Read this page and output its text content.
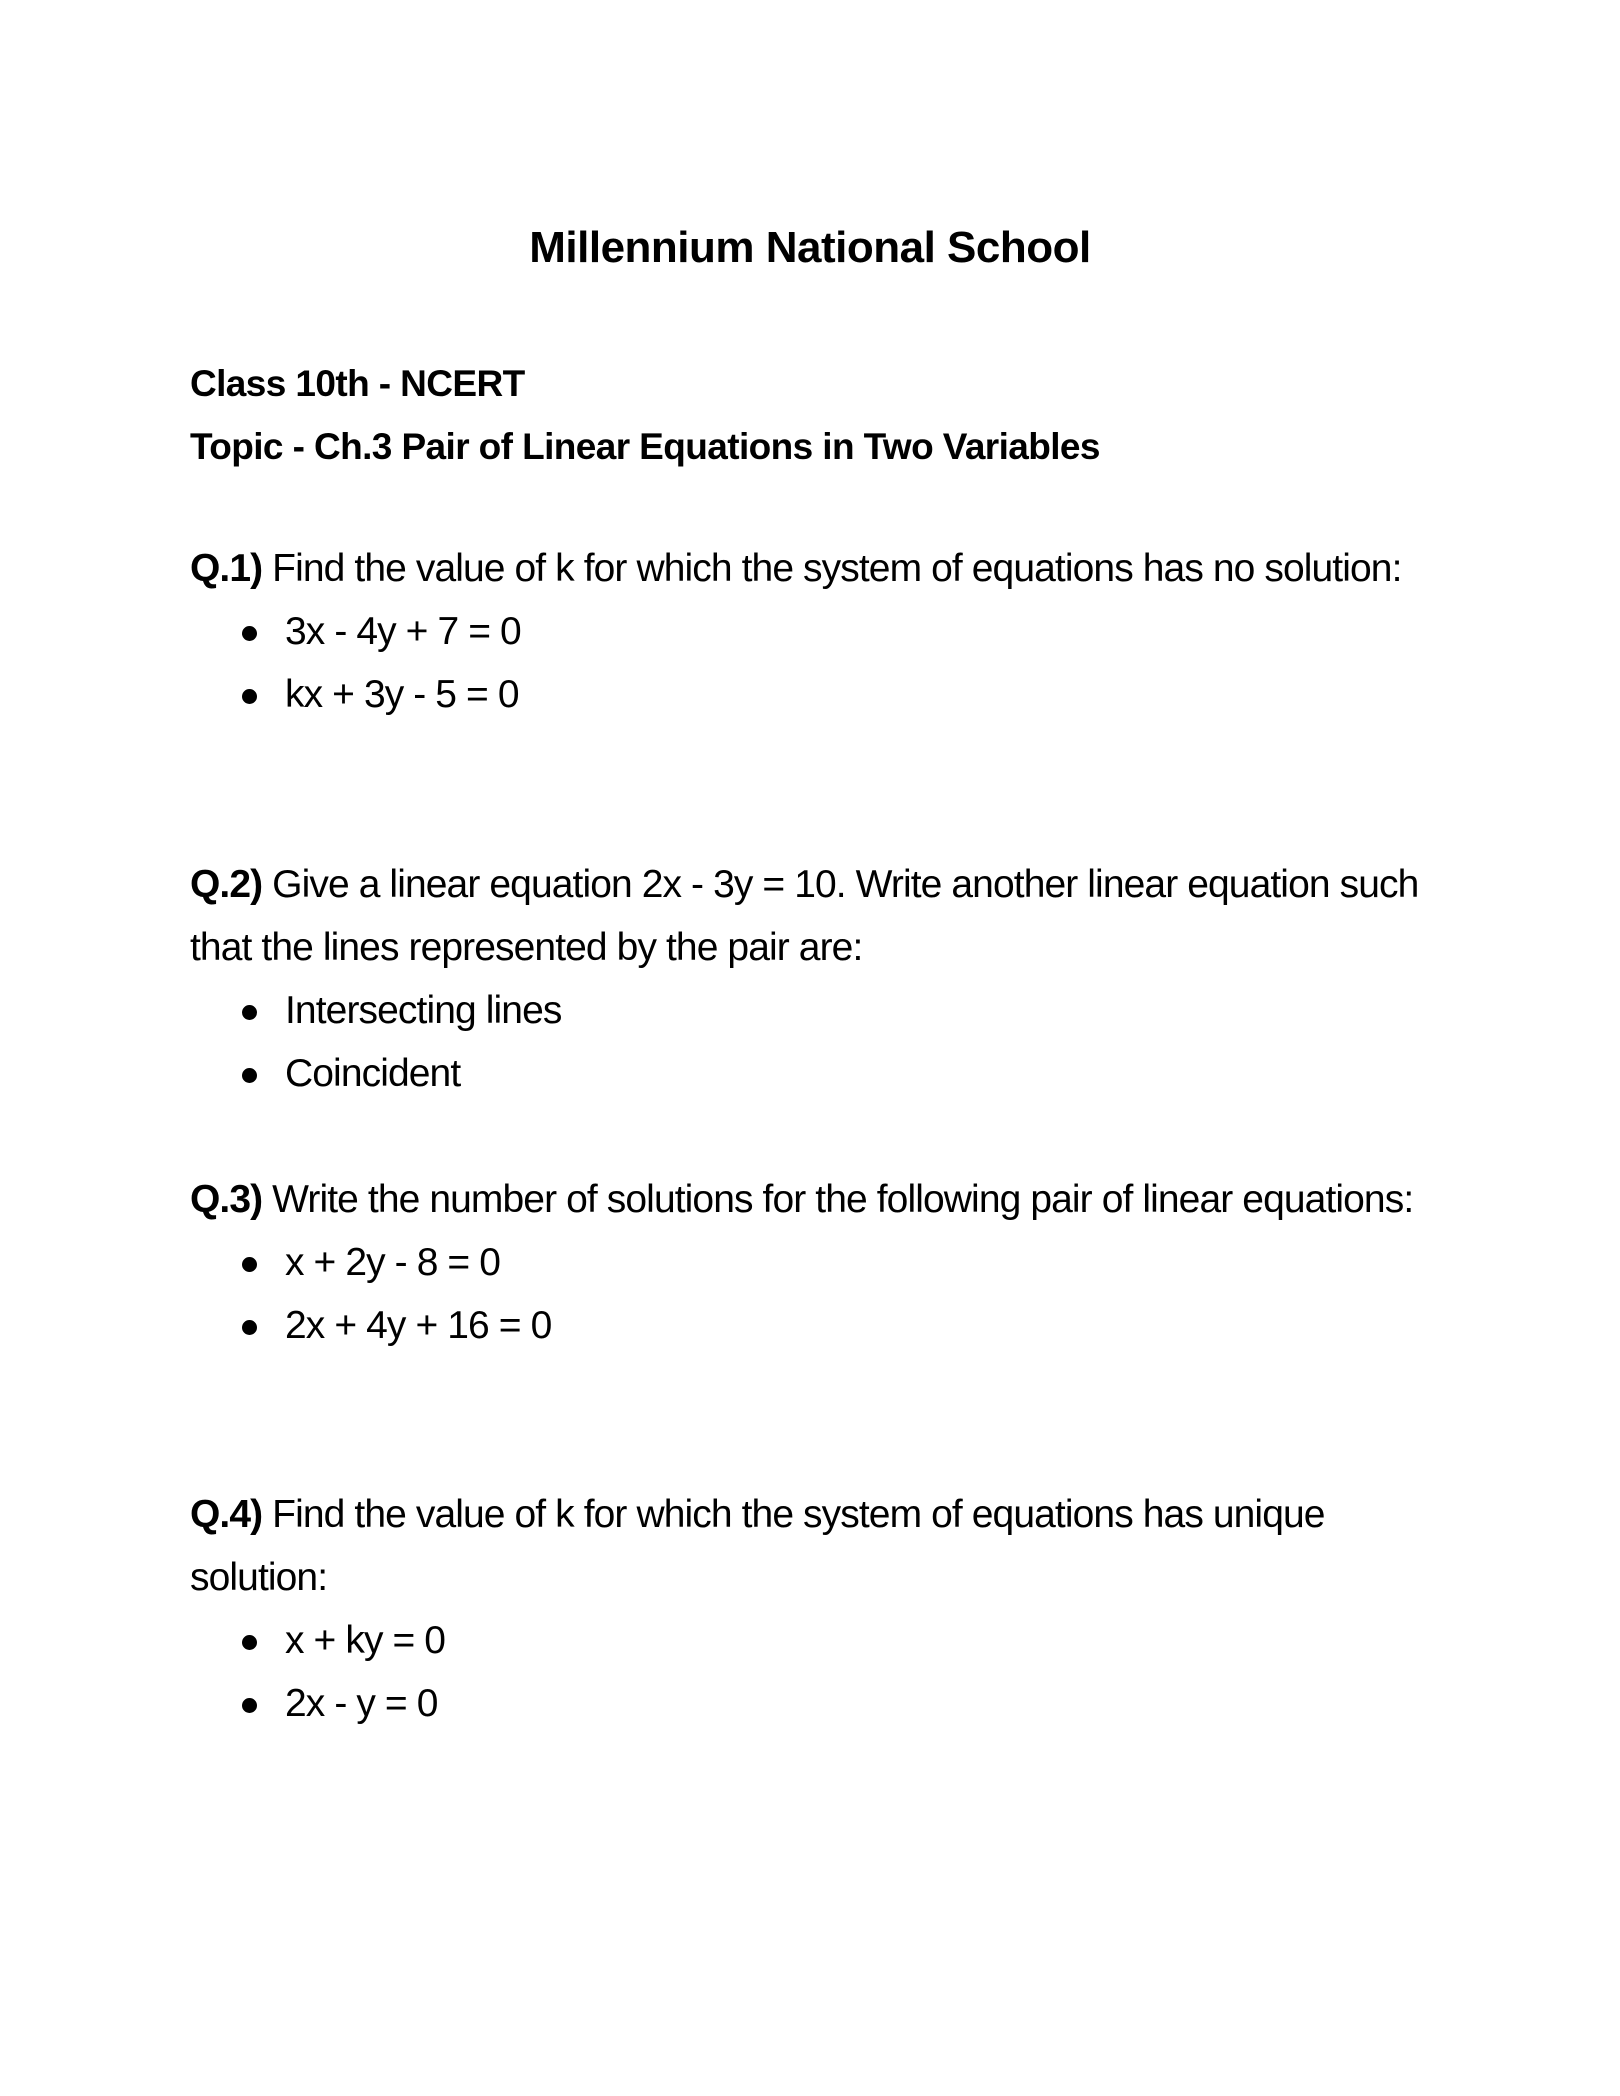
Millennium National School
Class 10th - NCERT
Topic - Ch.3 Pair of Linear Equations in Two Variables

Q.1) Find the value of k for which the system of equations has no solution:

3x - 4y + 7 = 0
kx + 3y - 5 = 0

Q.2) Give a linear equation 2x - 3y = 10. Write another linear equation such that the lines represented by the pair are:

Intersecting lines
Coincident

Q.3) Write the number of solutions for the following pair of linear equations:

x + 2y - 8 = 0
2x + 4y + 16 = 0

Q.4) Find the value of k for which the system of equations has unique solution:

x + ky = 0
2x - y = 0
